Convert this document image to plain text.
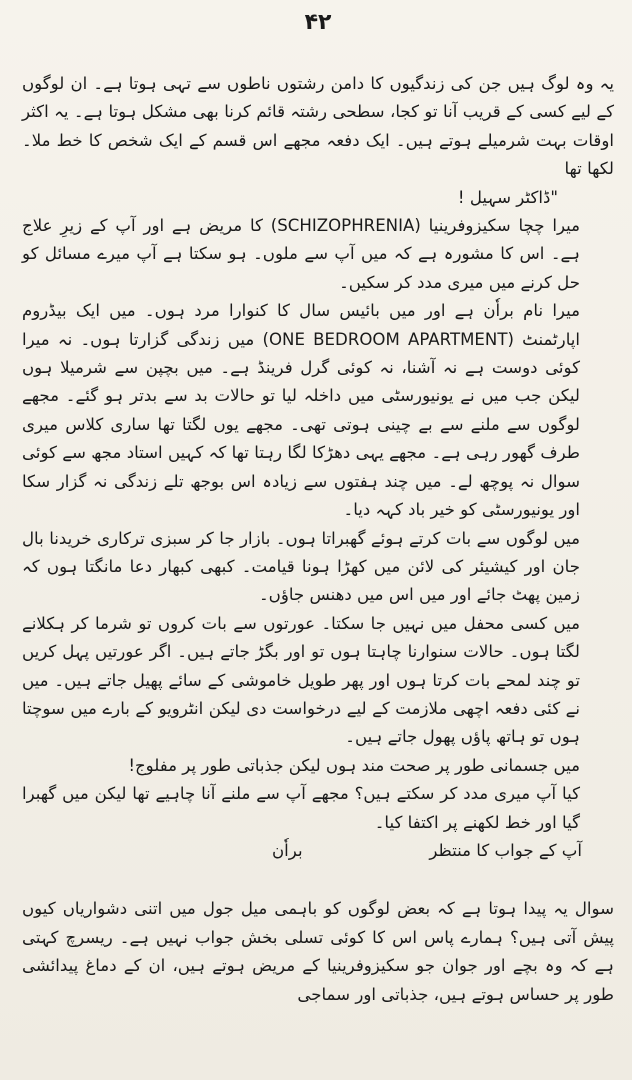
۴۲

یہ وہ لوگ ہیں جن کی زندگیوں کا دامن رشتوں ناطوں سے تہی ہوتا ہے۔ ان لوگوں کے لیے کسی کے قریب آنا تو کجا، سطحی رشتہ قائم کرنا بھی مشکل ہوتا ہے۔ یہ اکثر اوقات بہت شرمیلے ہوتے ہیں۔ ایک دفعہ مجھے اس قسم کے ایک شخص کا خط ملا۔ لکھا تھا

"ڈاکٹر سہیل !

میرا چچا سکیزوفرینیا (SCHIZOPHRENIA) کا مریض ہے اور آپ کے زیرِ علاج ہے۔ اس کا مشورہ ہے کہ میں آپ سے ملوں۔ ہو سکتا ہے آپ میرے مسائل کو حل کرنے میں میری مدد کر سکیں۔

میرا نام براٗن ہے اور میں بائیس سال کا کنوارا مرد ہوں۔ میں ایک بیڈروم اپارٹمنٹ (ONE BEDROOM APARTMENT) میں زندگی گزارتا ہوں۔ نہ میرا کوئی دوست ہے نہ آشنا، نہ کوئی گرل فرینڈ ہے۔ میں بچپن سے شرمیلا ہوں لیکن جب میں نے یونیورسٹی میں داخلہ لیا تو حالات بد سے بدتر ہو گئے۔ مجھے لوگوں سے ملنے سے بے چینی ہوتی تھی۔ مجھے یوں لگتا تھا ساری کلاس میری طرف گھور رہی ہے۔ مجھے یہی دھڑکا لگا رہتا تھا کہ کہیں استاد مجھ سے کوئی سوال نہ پوچھ لے۔ میں چند ہفتوں سے زیادہ اس بوجھ تلے زندگی نہ گزار سکا اور یونیورسٹی کو خیر باد کہہ دیا۔

میں لوگوں سے بات کرتے ہوئے گھبراتا ہوں۔ بازار جا کر سبزی ترکاری خریدنا بال جان اور کیشیئر کی لائن میں کھڑا ہونا قیامت۔ کبھی کبھار دعا مانگتا ہوں کہ زمین پھٹ جائے اور میں اس میں دھنس جاؤں۔

میں کسی محفل میں نہیں جا سکتا۔ عورتوں سے بات کروں تو شرما کر ہکلانے لگتا ہوں۔ حالات سنوارنا چاہتا ہوں تو اور بگڑ جاتے ہیں۔ اگر عورتیں پہل کریں تو چند لمحے بات کرتا ہوں اور پھر طویل خاموشی کے سائے پھیل جاتے ہیں۔ میں نے کئی دفعہ اچھی ملازمت کے لیے درخواست دی لیکن انٹرویو کے بارے میں سوچتا ہوں تو ہاتھ پاؤں پھول جاتے ہیں۔

میں جسمانی طور پر صحت مند ہوں لیکن جذباتی طور پر مفلوج!

کیا آپ میری مدد کر سکتے ہیں؟ مجھے آپ سے ملنے آنا چاہیے تھا لیکن میں گھبرا گیا اور خط لکھنے پر اکتفا کیا۔

آپ کے جواب کا منتظر
براٗن

سوال یہ پیدا ہوتا ہے کہ بعض لوگوں کو باہمی میل جول میں اتنی دشواریاں کیوں پیش آتی ہیں؟ ہمارے پاس اس کا کوئی تسلی بخش جواب نہیں ہے۔ ریسرچ کہتی ہے کہ وہ بچے اور جوان جو سکیزوفرینیا کے مریض ہوتے ہیں، ان کے دماغ پیدائشی طور پر حساس ہوتے ہیں، جذباتی اور سماجی
